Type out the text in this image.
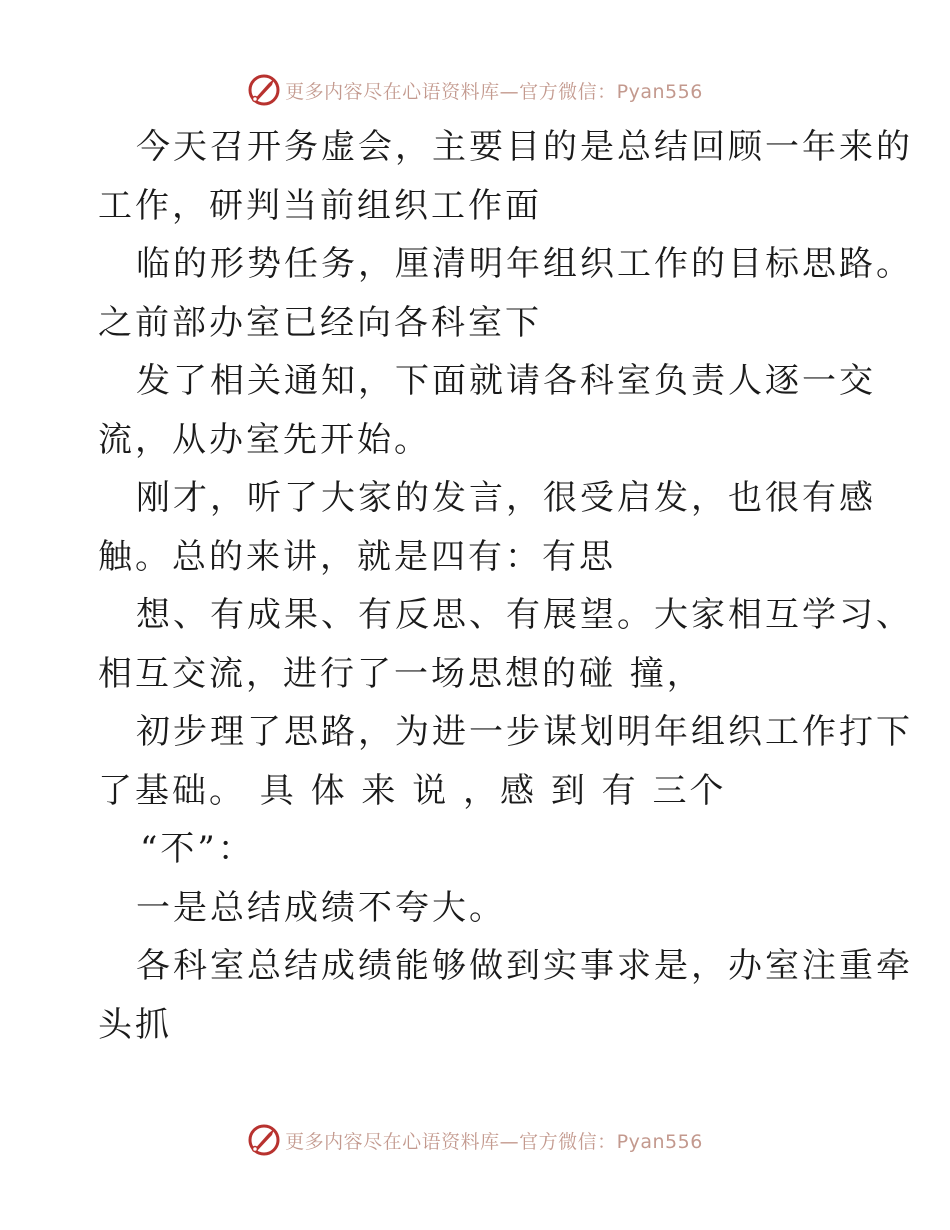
更多内容尽在心语资料库—官方微信：Pyan556
今天召开务虚会，主要目的是总结回顾一年来的
工作，研判当前组织工作面
临的形势任务，厘清明年组织工作的目标思路。
之前部办室已经向各科室下
发了相关通知，下面就请各科室负责人逐一交
流，从办室先开始。
刚才，听了大家的发言，很受启发，也很有感
触。总的来讲，就是四有：有思
想、有成果、有反思、有展望。大家相互学习、
相互交流，进行了一场思想的碰 撞，
初步理了思路，为进一步谋划明年组织工作打下
了基础。 具 体 来 说 ，感 到 有 三个
“不”：
一是总结成绩不夸大。
各科室总结成绩能够做到实事求是，办室注重牵
头抓
更多内容尽在心语资料库—官方微信：Pyan556
